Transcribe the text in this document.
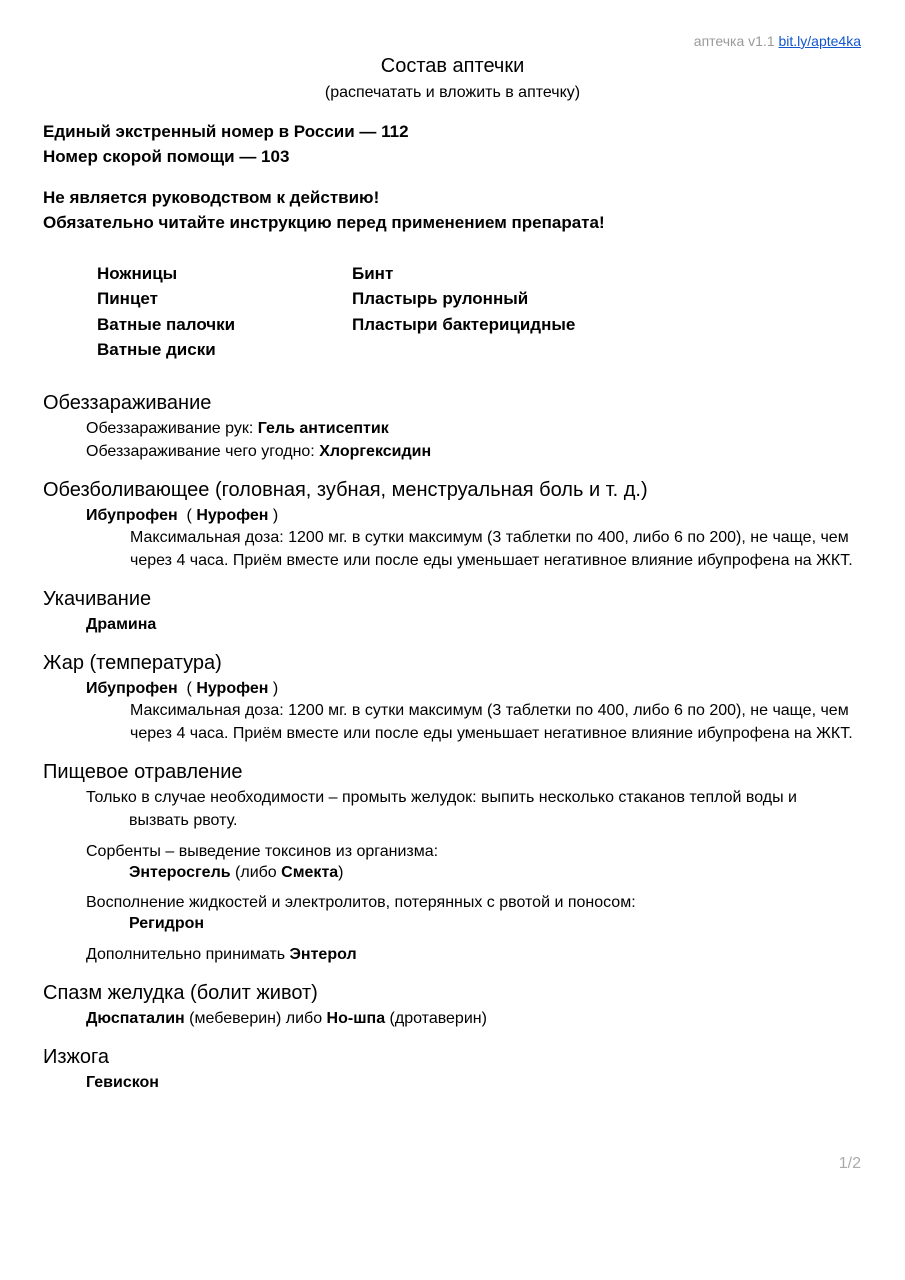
аптечка v1.1 bit.ly/apte4ka
Состав аптечки
(распечатать и вложить в аптечку)
Единый экстренный номер в России — 112
Номер скорой помощи — 103
Не является руководством к действию!
Обязательно читайте инструкцию перед применением препарата!
Ножницы
Пинцет
Ватные палочки
Ватные диски
Бинт
Пластырь рулонный
Пластыри бактерицидные
Обеззараживание
Обеззараживание рук: Гель антисептик
Обеззараживание чего угодно: Хлоргексидин
Обезболивающее (головная, зубная, менструальная боль и т. д.)
Ибупрофен  ( Нурофен )
Максимальная доза: 1200 мг. в сутки максимум (3 таблетки по 400, либо 6 по 200), не чаще, чем через 4 часа. Приём вместе или после еды уменьшает негативное влияние ибупрофена на ЖКТ.
Укачивание
Драмина
Жар (температура)
Ибупрофен  ( Нурофен )
Максимальная доза: 1200 мг. в сутки максимум (3 таблетки по 400, либо 6 по 200), не чаще, чем через 4 часа. Приём вместе или после еды уменьшает негативное влияние ибупрофена на ЖКТ.
Пищевое отравление
Только в случае необходимости – промыть желудок: выпить несколько стаканов теплой воды и
вызвать рвоту.
Сорбенты – выведение токсинов из организма:
Энтеросгель (либо Смекта)
Восполнение жидкостей и электролитов, потерянных с рвотой и поносом:
Регидрон
Дополнительно принимать Энтерол
Спазм желудка (болит живот)
Дюспаталин (мебеверин) либо Но-шпа (дротаверин)
Изжога
Гевискон
1/2
